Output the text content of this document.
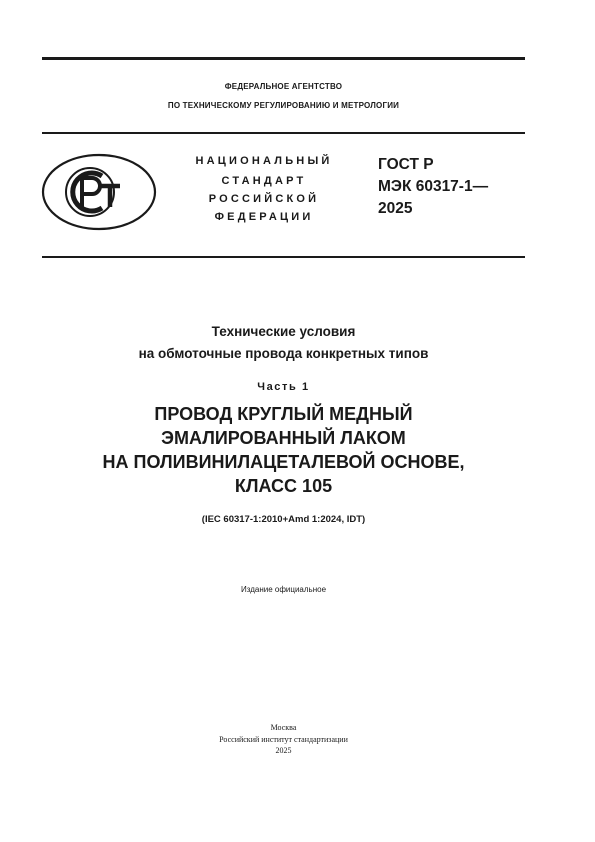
ФЕДЕРАЛЬНОЕ АГЕНТСТВО
ПО ТЕХНИЧЕСКОМУ РЕГУЛИРОВАНИЮ И МЕТРОЛОГИИ
НАЦИОНАЛЬНЫЙ
СТАНДАРТ
РОССИЙСКОЙ
ФЕДЕРАЦИИ
ГОСТ Р
МЭК 60317-1—
2025
Технические условия
на обмоточные провода конкретных типов
Часть 1
ПРОВОД КРУГЛЫЙ МЕДНЫЙ
ЭМАЛИРОВАННЫЙ ЛАКОМ
НА ПОЛИВИНИЛАЦЕТАЛЕВОЙ ОСНОВЕ,
КЛАСС 105
(IEC 60317-1:2010+Amd 1:2024, IDT)
Издание официальное
Москва
Российский институт стандартизации
2025
